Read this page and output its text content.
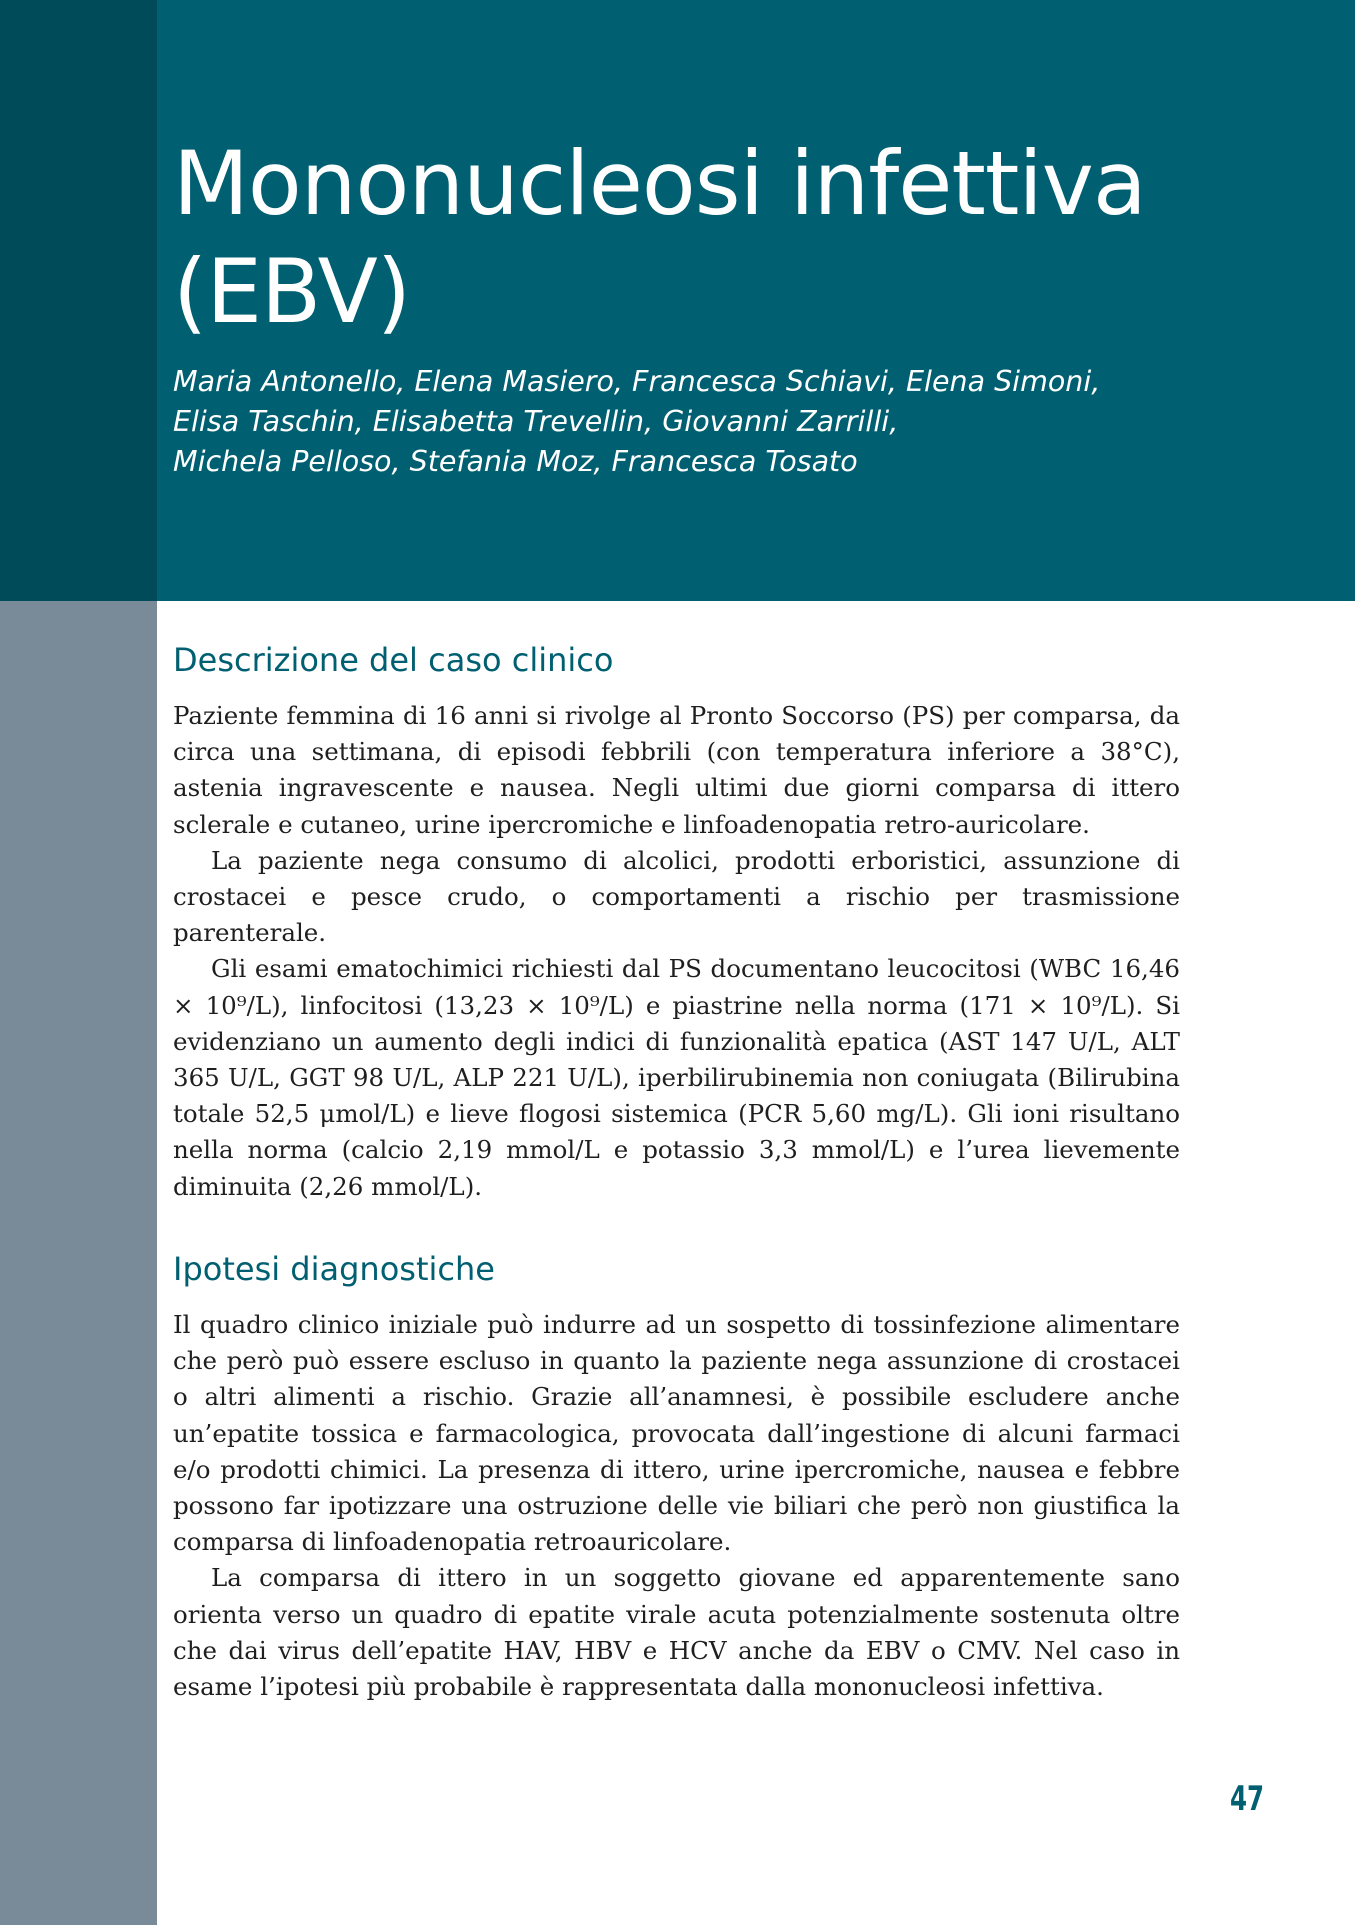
Mononucleosi infettiva
(EBV)
Maria Antonello, Elena Masiero, Francesca Schiavi, Elena Simoni,
Elisa Taschin, Elisabetta Trevellin, Giovanni Zarrilli,
Michela Pelloso, Stefania Moz, Francesca Tosato
Descrizione del caso clinico

Paziente femmina di 16 anni si rivolge al Pronto Soccorso (PS) per comparsa, da circa una settimana, di episodi febbrili (con temperatura inferiore a 38°C), astenia ingravescente e nausea. Negli ultimi due giorni comparsa di ittero sclerale e cutaneo, urine ipercromiche e linfoadenopatia retro-auricolare.

La paziente nega consumo di alcolici, prodotti erboristici, assunzione di crostacei e pesce crudo, o comportamenti a rischio per trasmissione parenterale.

Gli esami ematochimici richiesti dal PS documentano leucocitosi (WBC 16,46 × 10⁹/L), linfocitosi (13,23 × 10⁹/L) e piastrine nella norma (171 × 10⁹/L). Si evidenziano un aumento degli indici di funzionalità epatica (AST 147 U/L, ALT 365 U/L, GGT 98 U/L, ALP 221 U/L), iperbilirubinemia non coniugata (Bilirubina totale 52,5 μmol/L) e lieve flogosi sistemica (PCR 5,60 mg/L). Gli ioni risultano nella norma (calcio 2,19 mmol/L e potassio 3,3 mmol/L) e l’urea lievemente diminuita (2,26 mmol/L).

Ipotesi diagnostiche

Il quadro clinico iniziale può indurre ad un sospetto di tossinfezione alimentare che però può essere escluso in quanto la paziente nega assunzione di crostacei o altri alimenti a rischio. Grazie all’anamnesi, è possibile escludere anche un’epatite tossica e farmacologica, provocata dall’ingestione di alcuni farmaci e/o prodotti chimici. La presenza di ittero, urine ipercromiche, nausea e febbre possono far ipotizzare una ostruzione delle vie biliari che però non giustifica la comparsa di linfoadenopatia retroauricolare.

La comparsa di ittero in un soggetto giovane ed apparentemente sano orienta verso un quadro di epatite virale acuta potenzialmente sostenuta oltre che dai virus dell’epatite HAV, HBV e HCV anche da EBV o CMV. Nel caso in esame l’ipotesi più probabile è rappresentata dalla mononucleosi infettiva.

47
